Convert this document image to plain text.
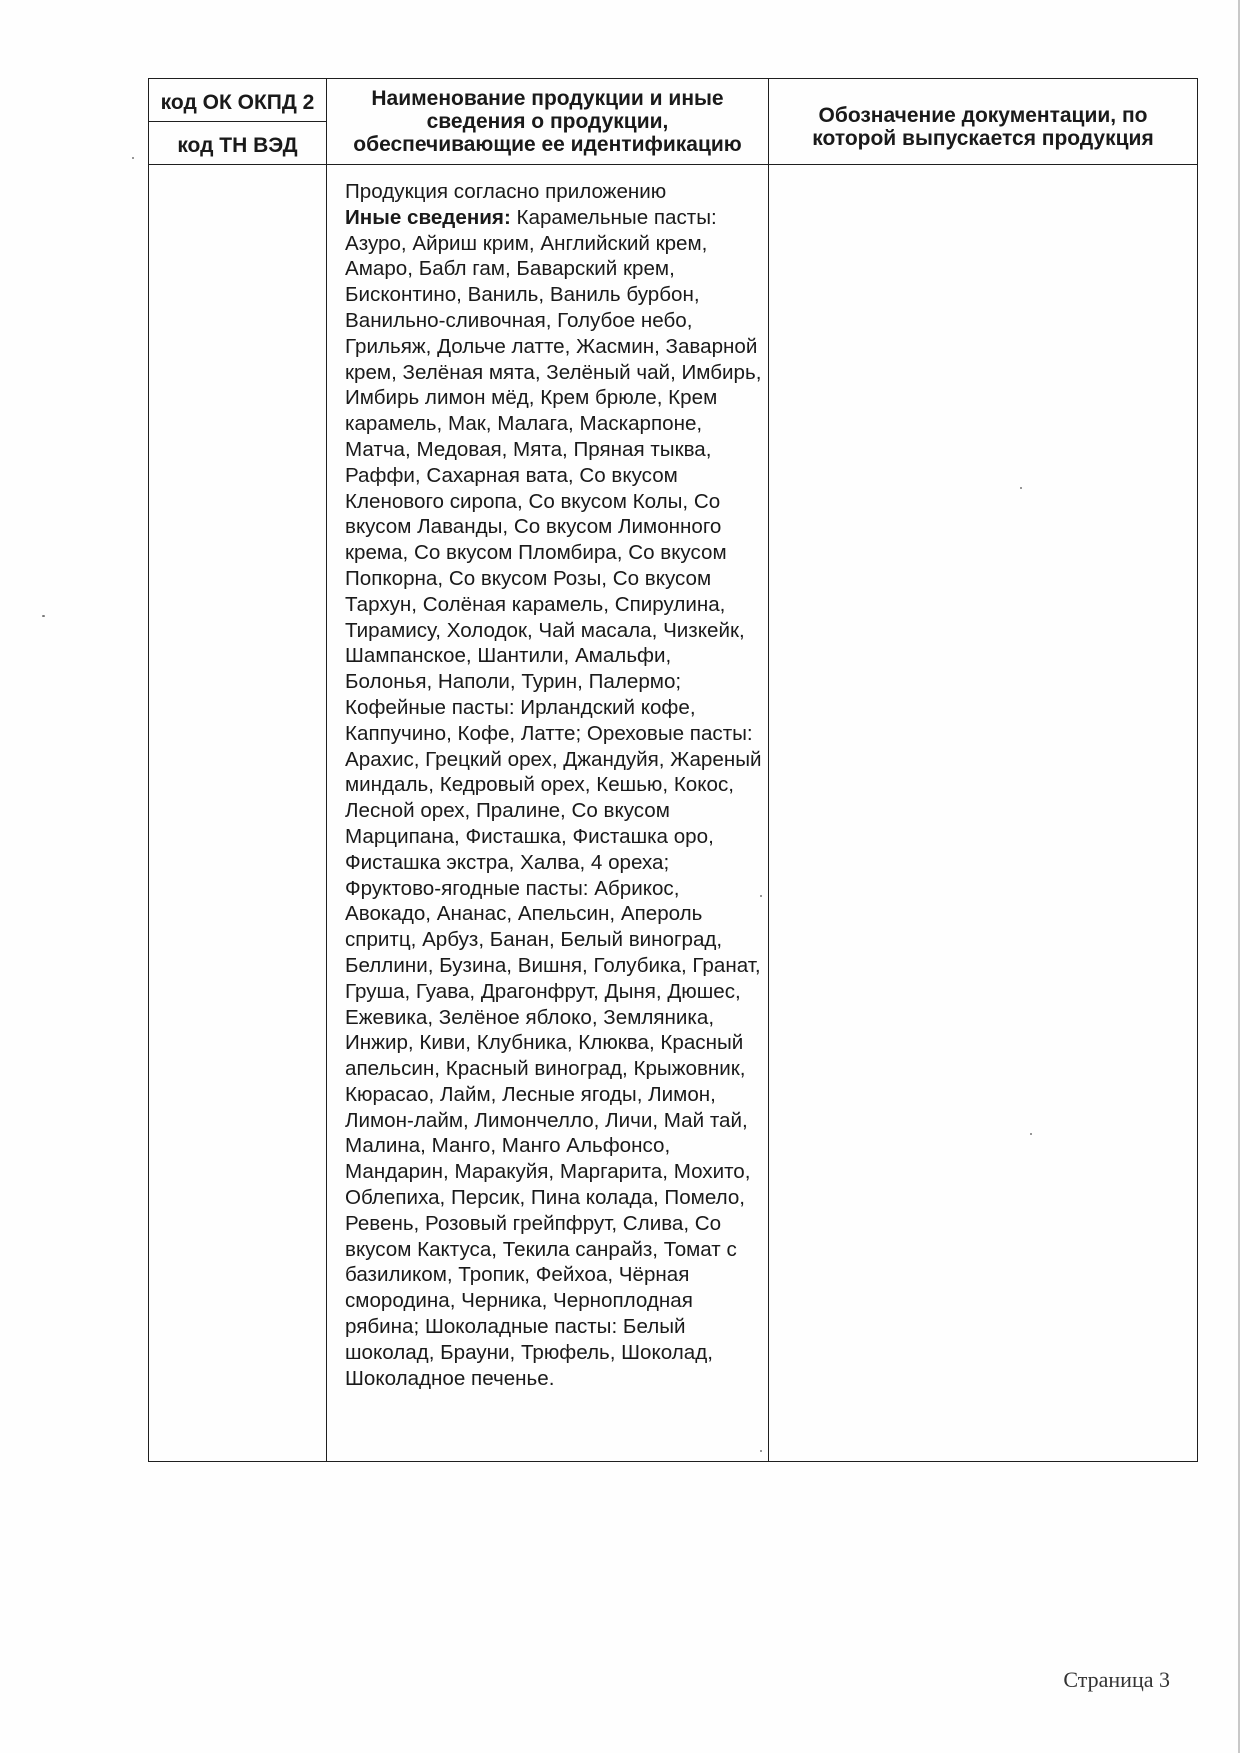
код ОК ОКПД 2	Наименование продукции и иные сведения о продукции, обеспечивающие ее идентификацию	Обозначение документации, по которой выпускается продукция
код ТН ВЭД		

	Продукция согласно приложению
Иные сведения: Карамельные пасты: Азуро, Айриш крим, Английский крем, Амаро, Бабл гам, Баварский крем, Бисконтино, Ваниль, Ваниль бурбон, Ванильно-сливочная, Голубое небо, Грильяж, Дольче латте, Жасмин, Заварной крем, Зелёная мята, Зелёный чай, Имбирь, Имбирь лимон мёд, Крем брюле, Крем карамель, Мак, Малага, Маскарпоне, Матча, Медовая, Мята, Пряная тыква, Раффи, Сахарная вата, Со вкусом Кленового сиропа, Со вкусом Колы, Со вкусом Лаванды, Со вкусом Лимонного крема, Со вкусом Пломбира, Со вкусом Попкорна, Со вкусом Розы, Со вкусом Тархун, Солёная карамель, Спирулина, Тирамису, Холодок, Чай масала, Чизкейк, Шампанское, Шантили, Амальфи, Болонья, Наполи, Турин, Палермо; Кофейные пасты: Ирландский кофе, Каппучино, Кофе, Латте; Ореховые пасты: Арахис, Грецкий орех, Джандуйя, Жареный миндаль, Кедровый орех, Кешью, Кокос, Лесной орех, Пралине, Со вкусом Марципана, Фисташка, Фисташка оро, Фисташка экстра, Халва, 4 ореха; Фруктово-ягодные пасты: Абрикос, Авокадо, Ананас, Апельсин, Апероль спритц, Арбуз, Банан, Белый виноград, Беллини, Бузина, Вишня, Голубика, Гранат, Груша, Гуава, Драгонфрут, Дыня, Дюшес, Ежевика, Зелёное яблоко, Земляника, Инжир, Киви, Клубника, Клюква, Красный апельсин, Красный виноград, Крыжовник, Кюрасао, Лайм, Лесные ягоды, Лимон, Лимон-лайм, Лимончелло, Личи, Май тай, Малина, Манго, Манго Альфонсо, Мандарин, Маракуйя, Маргарита, Мохито, Облепиха, Персик, Пина колада, Помело, Ревень, Розовый грейпфрут, Слива, Со вкусом Кактуса, Текила санрайз, Томат с базиликом, Тропик, Фейхоа, Чёрная смородина, Черника, Черноплодная рябина; Шоколадные пасты: Белый шоколад, Брауни, Трюфель, Шоколад, Шоколадное печенье.	

Страница 3
